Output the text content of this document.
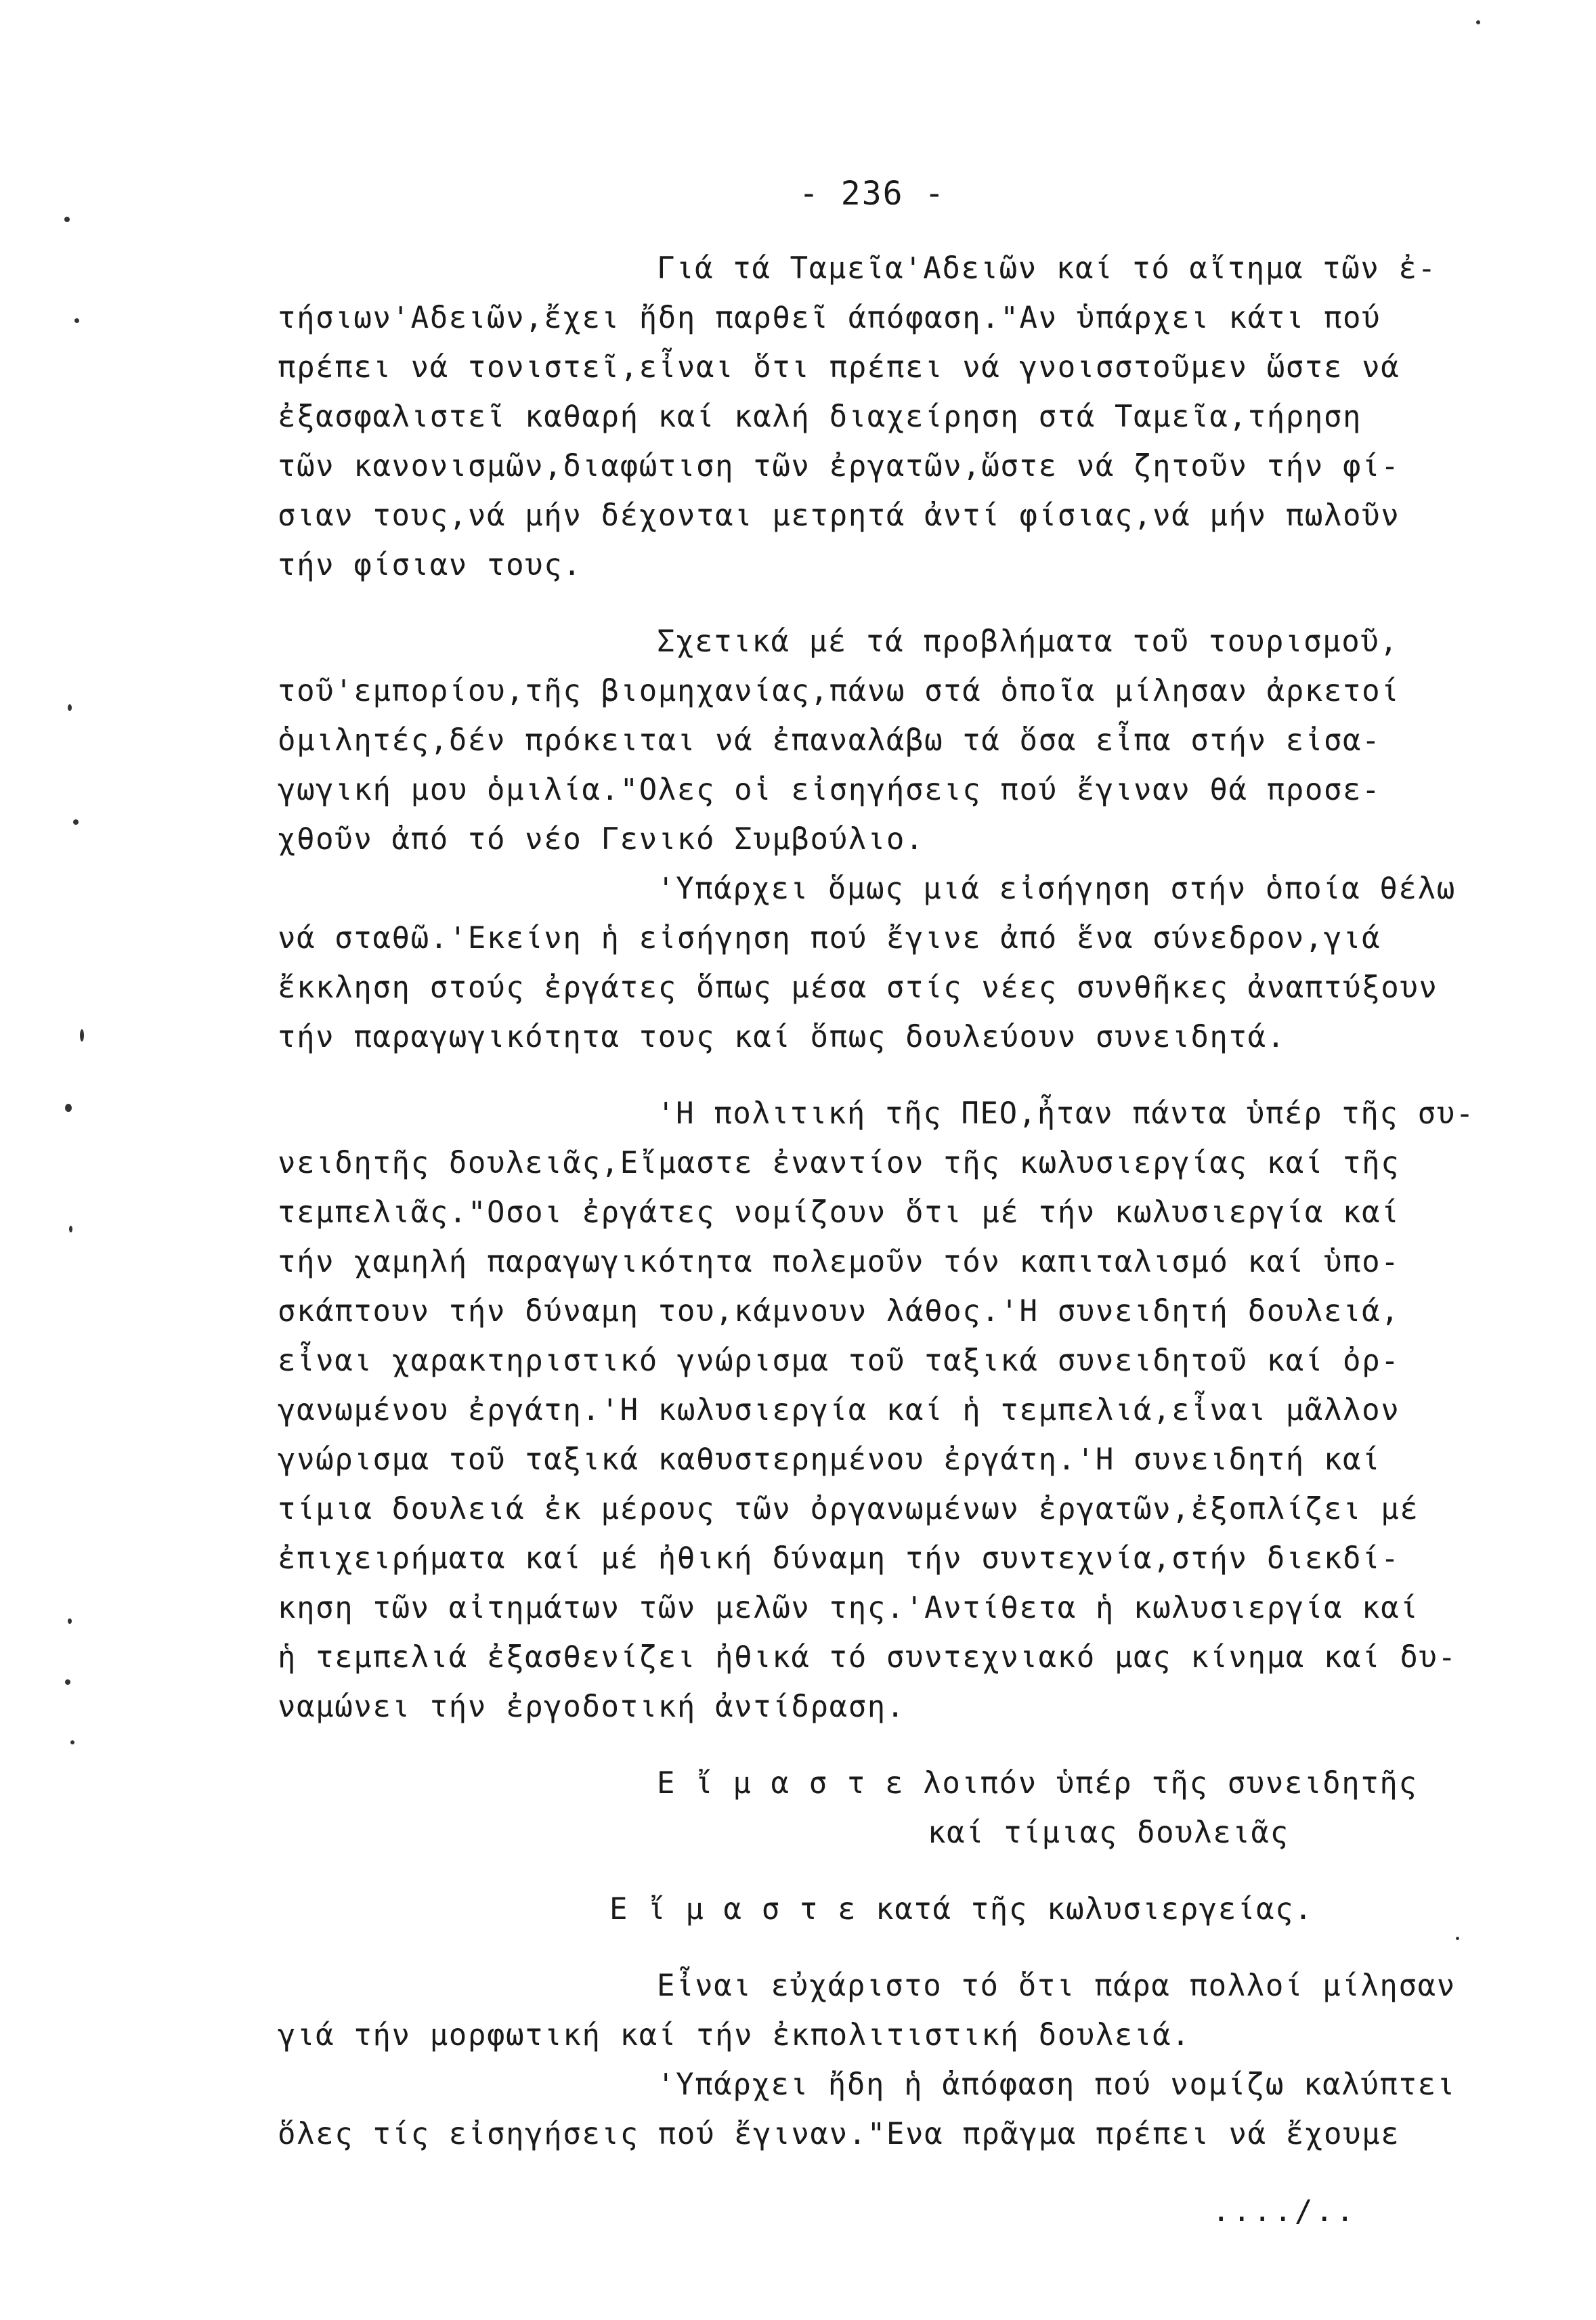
- 236 -
Γιά τά Ταμεῖα'Αδειῶν καί τό αἴτημα τῶν ἐ-
τήσιων'Αδειῶν,ἔχει ἤδη παρθεῖ άπόφαση."Αν ὑπάρχει κάτι πού
πρέπει νά τονιστεῖ,εἶναι ὅτι πρέπει νά γνοισστοῦμεν ὥστε νά
ἐξασφαλιστεῖ καθαρή καί καλή διαχείρηση στά Ταμεῖα,τήρηση
τῶν κανονισμῶν,διαφώτιση τῶν ἐργατῶν,ὥστε νά ζητοῦν τήν φί-
σιαν τους,νά μήν δέχονται μετρητά ἀντί φίσιας,νά μήν πωλοῦν
τήν φίσιαν τους.
Σχετικά μέ τά προβλήματα τοῦ τουρισμοῦ,
τοῦ'εμπορίου,τῆς βιομηχανίας,πάνω στά ὁποῖα μίλησαν ἀρκετοί
ὁμιλητές,δέν πρόκειται νά ἐπαναλάβω τά ὅσα εἶπα στήν εἰσα-
γωγική μου ὁμιλία."Ολες οἱ εἰσηγήσεις πού ἔγιναν θά προσε-
χθοῦν ἀπό τό νέο Γενικό Συμβούλιο.
'Υπάρχει ὅμως μιά εἰσήγηση στήν ὁποία θέλω
νά σταθῶ.'Εκείνη ἡ εἰσήγηση πού ἔγινε ἀπό ἕνα σύνεδρον,γιά
ἔκκληση στούς ἐργάτες ὅπως μέσα στίς νέες συνθῆκες ἀναπτύξουν
τήν παραγωγικότητα τους καί ὅπως δουλεύουν συνειδητά.
'Η πολιτική τῆς ΠΕΟ,ἦταν πάντα ὑπέρ τῆς συ-
νειδητῆς δουλειᾶς,Εἴμαστε ἐναντίον τῆς κωλυσιεργίας καί τῆς
τεμπελιᾶς."Οσοι ἐργάτες νομίζουν ὅτι μέ τήν κωλυσιεργία καί
τήν χαμηλή παραγωγικότητα πολεμοῦν τόν καπιταλισμό καί ὑπο-
σκάπτουν τήν δύναμη του,κάμνουν λάθος.'Η συνειδητή δουλειά,
εἶναι χαρακτηριστικό γνώρισμα τοῦ ταξικά συνειδητοῦ καί ὀρ-
γανωμένου ἐργάτη.'Η κωλυσιεργία καί ἡ τεμπελιά,εἶναι μᾶλλον
γνώρισμα τοῦ ταξικά καθυστερημένου ἐργάτη.'Η συνειδητή καί
τίμια δουλειά ἐκ μέρους τῶν ὀργανωμένων ἐργατῶν,ἐξοπλίζει μέ
ἐπιχειρήματα καί μέ ἠθική δύναμη τήν συντεχνία,στήν διεκδί-
κηση τῶν αἰτημάτων τῶν μελῶν της.'Αντίθετα ἡ κωλυσιεργία καί
ἡ τεμπελιά ἐξασθενίζει ἠθικά τό συντεχνιακό μας κίνημα καί δυ-
ναμώνει τήν ἐργοδοτική ἀντίδραση.
Ε ἴ μ α σ τ ε λοιπόν ὑπέρ τῆς συνειδητῆς
καί τίμιας δουλειᾶς
Ε ἴ μ α σ τ ε κατά τῆς κωλυσιεργείας.
Εἶναι εὐχάριστο τό ὅτι πάρα πολλοί μίλησαν
γιά τήν μορφωτική καί τήν ἐκπολιτιστική δουλειά.
'Υπάρχει ἤδη ἡ ἀπόφαση πού νομίζω καλύπτει
ὅλες τίς εἰσηγήσεις πού ἔγιναν."Ενα πρᾶγμα πρέπει νά ἔχουμε
..../..
